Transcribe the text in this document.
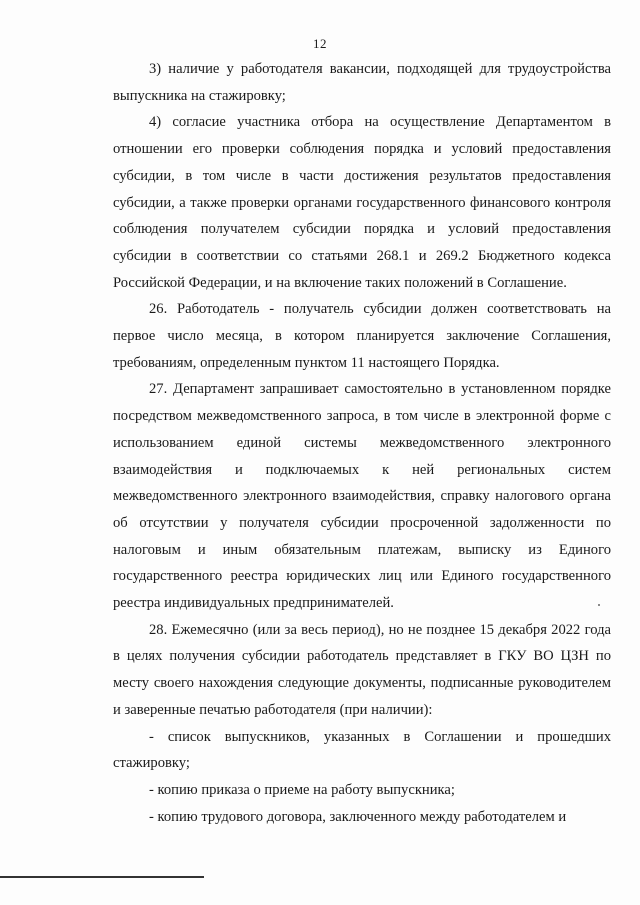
12

3) наличие у работодателя вакансии, подходящей для трудоустройства выпускника на стажировку;

4) согласие участника отбора на осуществление Департаментом в отношении его проверки соблюдения порядка и условий предоставления субсидии, в том числе в части достижения результатов предоставления субсидии, а также проверки органами государственного финансового контроля соблюдения получателем субсидии порядка и условий предоставления субсидии в соответствии со статьями 268.1 и 269.2 Бюджетного кодекса Российской Федерации, и на включение таких положений в Соглашение.

26. Работодатель - получатель субсидии должен соответствовать на первое число месяца, в котором планируется заключение Соглашения, требованиям, определенным пунктом 11 настоящего Порядка.

27. Департамент запрашивает самостоятельно в установленном порядке посредством межведомственного запроса, в том числе в электронной форме с использованием единой системы межведомственного электронного взаимодействия и подключаемых к ней региональных систем межведомственного электронного взаимодействия, справку налогового органа об отсутствии у получателя субсидии просроченной задолженности по налоговым и иным обязательным платежам, выписку из Единого государственного реестра юридических лиц или Единого государственного реестра индивидуальных предпринимателей.

28. Ежемесячно (или за весь период), но не позднее 15 декабря 2022 года в целях получения субсидии работодатель представляет в ГКУ ВО ЦЗН по месту своего нахождения следующие документы, подписанные руководителем и заверенные печатью работодателя (при наличии):

- список выпускников, указанных в Соглашении и прошедших стажировку;

- копию приказа о приеме на работу выпускника;

- копию трудового договора, заключенного между работодателем и
